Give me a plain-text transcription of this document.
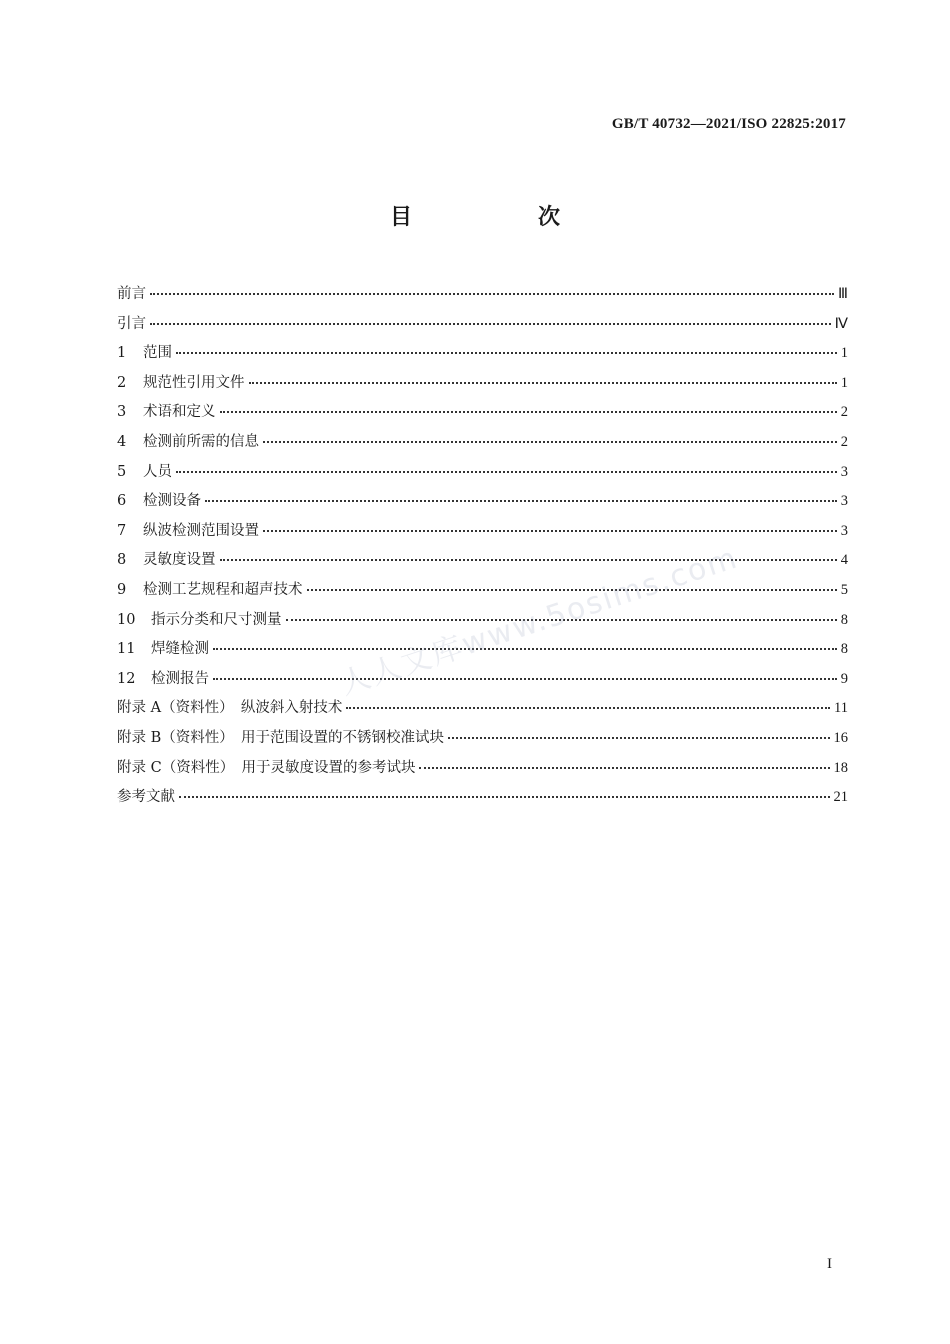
GB/T 40732—2021/ISO 22825:2017
目　次
前言	Ⅲ
引言	Ⅳ
1	范围	1
2	规范性引用文件	1
3	术语和定义	2
4	检测前所需的信息	2
5	人员	3
6	检测设备	3
7	纵波检测范围设置	3
8	灵敏度设置	4
9	检测工艺规程和超声技术	5
10	指示分类和尺寸测量	8
11	焊缝检测	8
12	检测报告	9
附录 A（资料性）　纵波斜入射技术	11
附录 B（资料性）　用于范围设置的不锈钢校准试块	16
附录 C（资料性）　用于灵敏度设置的参考试块	18
参考文献	21
人人文库www.5osims.com
I
